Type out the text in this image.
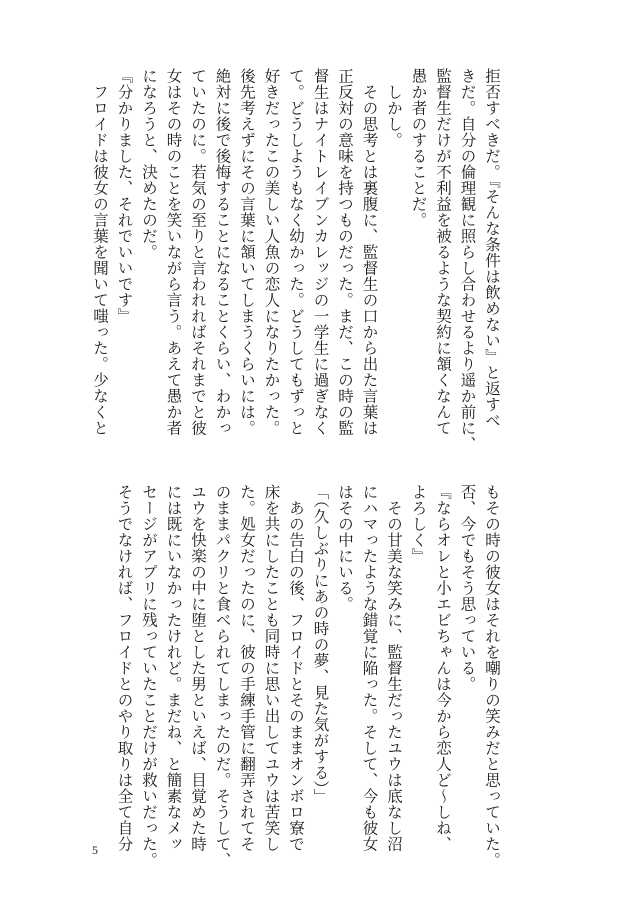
拒否すべきだ。『そんな条件は飲めない』と返すべ
きだ。自分の倫理観に照らし合わせるより遥か前に、
監督生だけが不利益を被るような契約に頷くなんて
愚か者のすることだ。
　しかし。
　その思考とは裏腹に、監督生の口から出た言葉は
正反対の意味を持つものだった。まだ、この時の監
督生はナイトレイブンカレッジの一学生に過ぎなく
て。どうしようもなく幼かった。どうしてもずっと
好きだったこの美しい人魚の恋人になりたかった。
後先考えずにその言葉に頷いてしまうくらいには。
絶対に後で後悔することになることくらい、わかっ
ていたのに。若気の至りと言われればそれまでと彼
女はその時のことを笑いながら言う。あえて愚か者
になろうと、決めたのだ。
『分かりました、それでいいです』
　フロイドは彼女の言葉を聞いて嗤った。少なくと
もその時の彼女はそれを嘲りの笑みだと思っていた。
否、今でもそう思っている。
『ならオレと小エビちゃんは今から恋人ど～しね、
よろしく』
　その甘美な笑みに、監督生だったユウは底なし沼
にハマったような錯覚に陥った。そして、今も彼女
はその中にいる。
「（久しぶりにあの時の夢、見た気がする）」
　あの告白の後、フロイドとそのままオンボロ寮で
床を共にしたことも同時に思い出してユウは苦笑し
た。処女だったのに、彼の手練手管に翻弄されてそ
のままパクリと食べられてしまったのだ。そうして、
ユウを快楽の中に堕とした男といえば、目覚めた時
には既にいなかったけれど。まだね、と簡素なメッ
セージがアプリに残っていたことだけが救いだった。
そうでなければ、フロイドとのやり取りは全て自分
5
